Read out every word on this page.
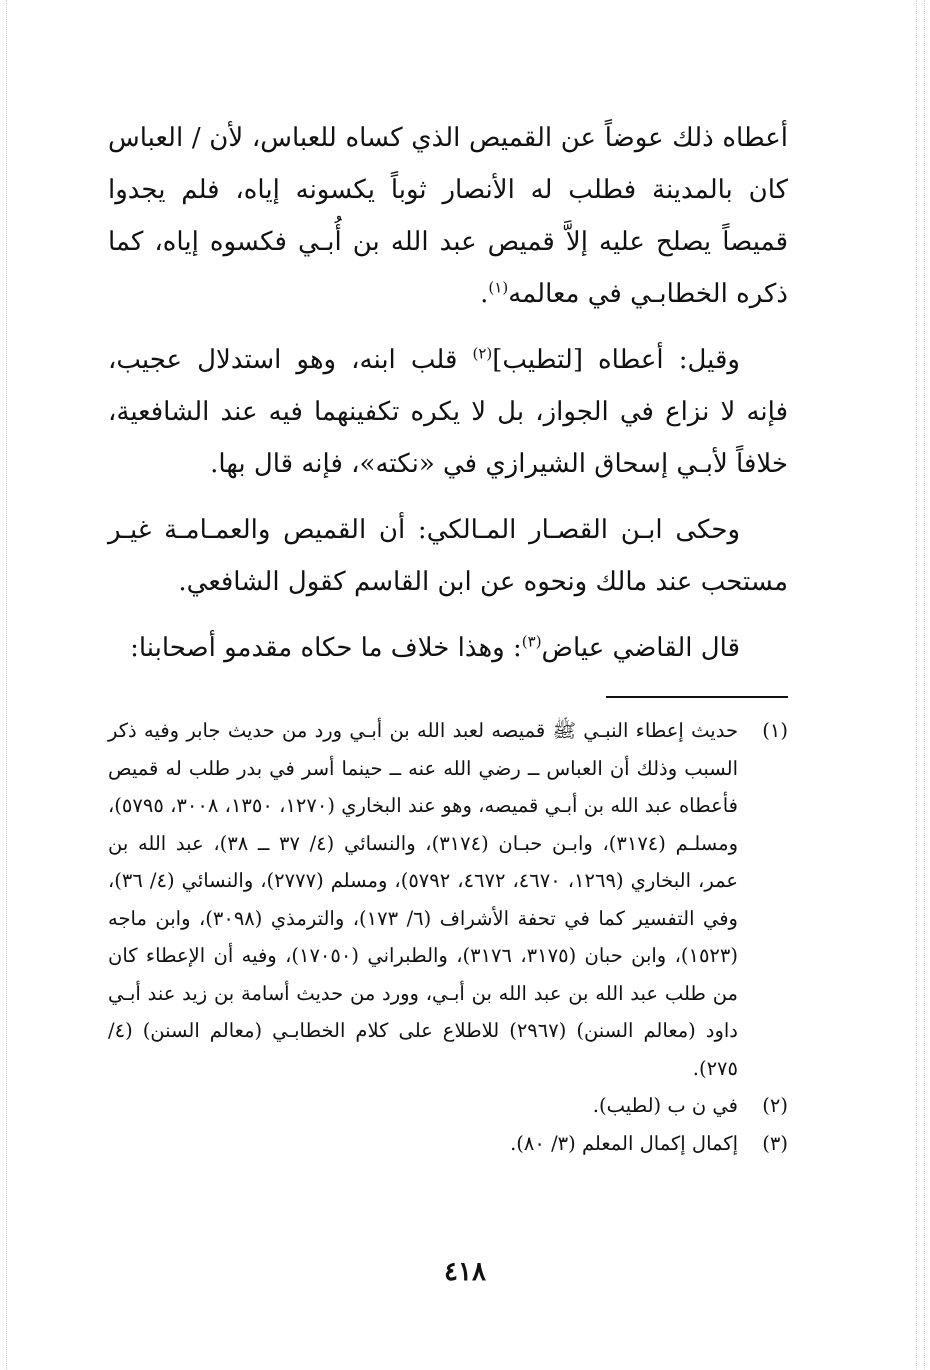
أعطاه ذلك عوضاً عن القميص الذي كساه للعباس، لأن / العباس كان بالمدينة فطلب له الأنصار ثوباً يكسونه إياه، فلم يجدوا قميصاً يصلح عليه إلاَّ قميص عبد الله بن أُبـي فكسوه إياه، كما ذكره الخطابـي في معالمه$^{(١)}$.

وقيل: أعطاه [لتطيب]$^{(٢)}$ قلب ابنه، وهو استدلال عجيب، فإنه لا نزاع في الجواز، بل لا يكره تكفينهما فيه عند الشافعية، خلافاً لأبـي إسحاق الشيرازي في «نكته»، فإنه قال بها.

وحكى ابـن القصـار المـالكي: أن القميص والعمـامـة غيـر مستحب عند مالك ونحوه عن ابن القاسم كقول الشافعي.

قال القاضي عياض$^{(٣)}$: وهذا خلاف ما حكاه مقدمو أصحابنا:

(١)
حديث إعطاء النبـي ﷺ قميصه لعبد الله بن أبـي ورد من حديث جابر وفيه ذكر السبب وذلك أن العباس ــ رضي الله عنه ــ حينما أسر في بدر طلب له قميص فأعطاه عبد الله بن أبـي قميصه، وهو عند البخاري (١٢٧٠، ١٣٥٠، ٣٠٠٨، ٥٧٩٥)، ومسلـم (٣١٧٤)، وابـن حبـان (٣١٧٤)، والنسائي (٤/ ٣٧ ــ ٣٨)، عبد الله بن عمر، البخاري (١٢٦٩، ٤٦٧٠، ٤٦٧٢، ٥٧٩٢)، ومسلم (٢٧٧٧)، والنسائي (٤/ ٣٦)، وفي التفسير كما في تحفة الأشراف (٦/ ١٧٣)، والترمذي (٣٠٩٨)، وابن ماجه (١٥٢٣)، وابن حبان (٣١٧٥، ٣١٧٦)، والطبراني (١٧٠٥٠)، وفيه أن الإعطاء كان من طلب عبد الله بن عبد الله بن أبـي، وورد من حديث أسامة بن زيد عند أبـي داود (معالم السنن) (٢٩٦٧) للاطلاع على كلام الخطابـي (معالم السنن) (٤/ ٢٧٥).
(٢)
في ن ب (لطيب).
(٣)
إكمال إكمال المعلم (٣/ ٨٠).
٤١٨
